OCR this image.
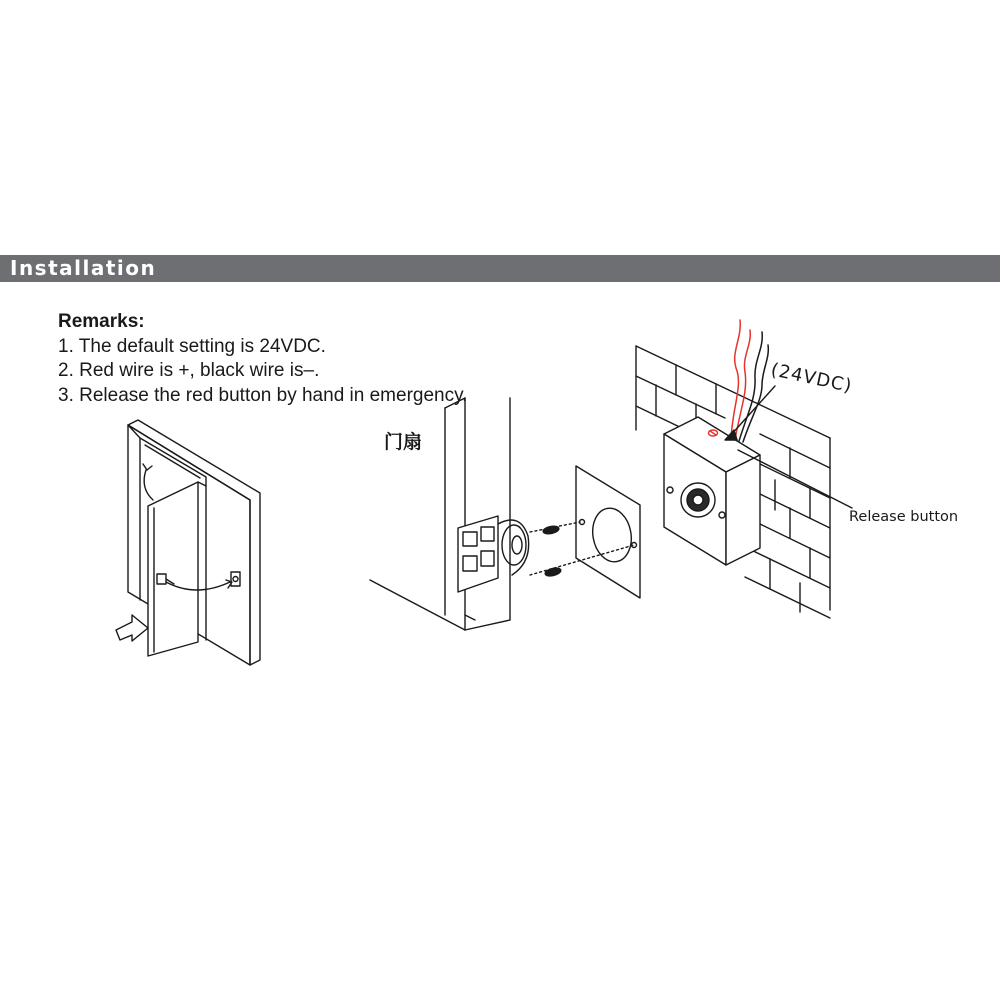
Installation
Remarks:
1. The default setting is 24VDC.
2. Red wire is +, black wire is–.
3. Release the red button by hand in emergency.
门扇
(24VDC)
Release button
